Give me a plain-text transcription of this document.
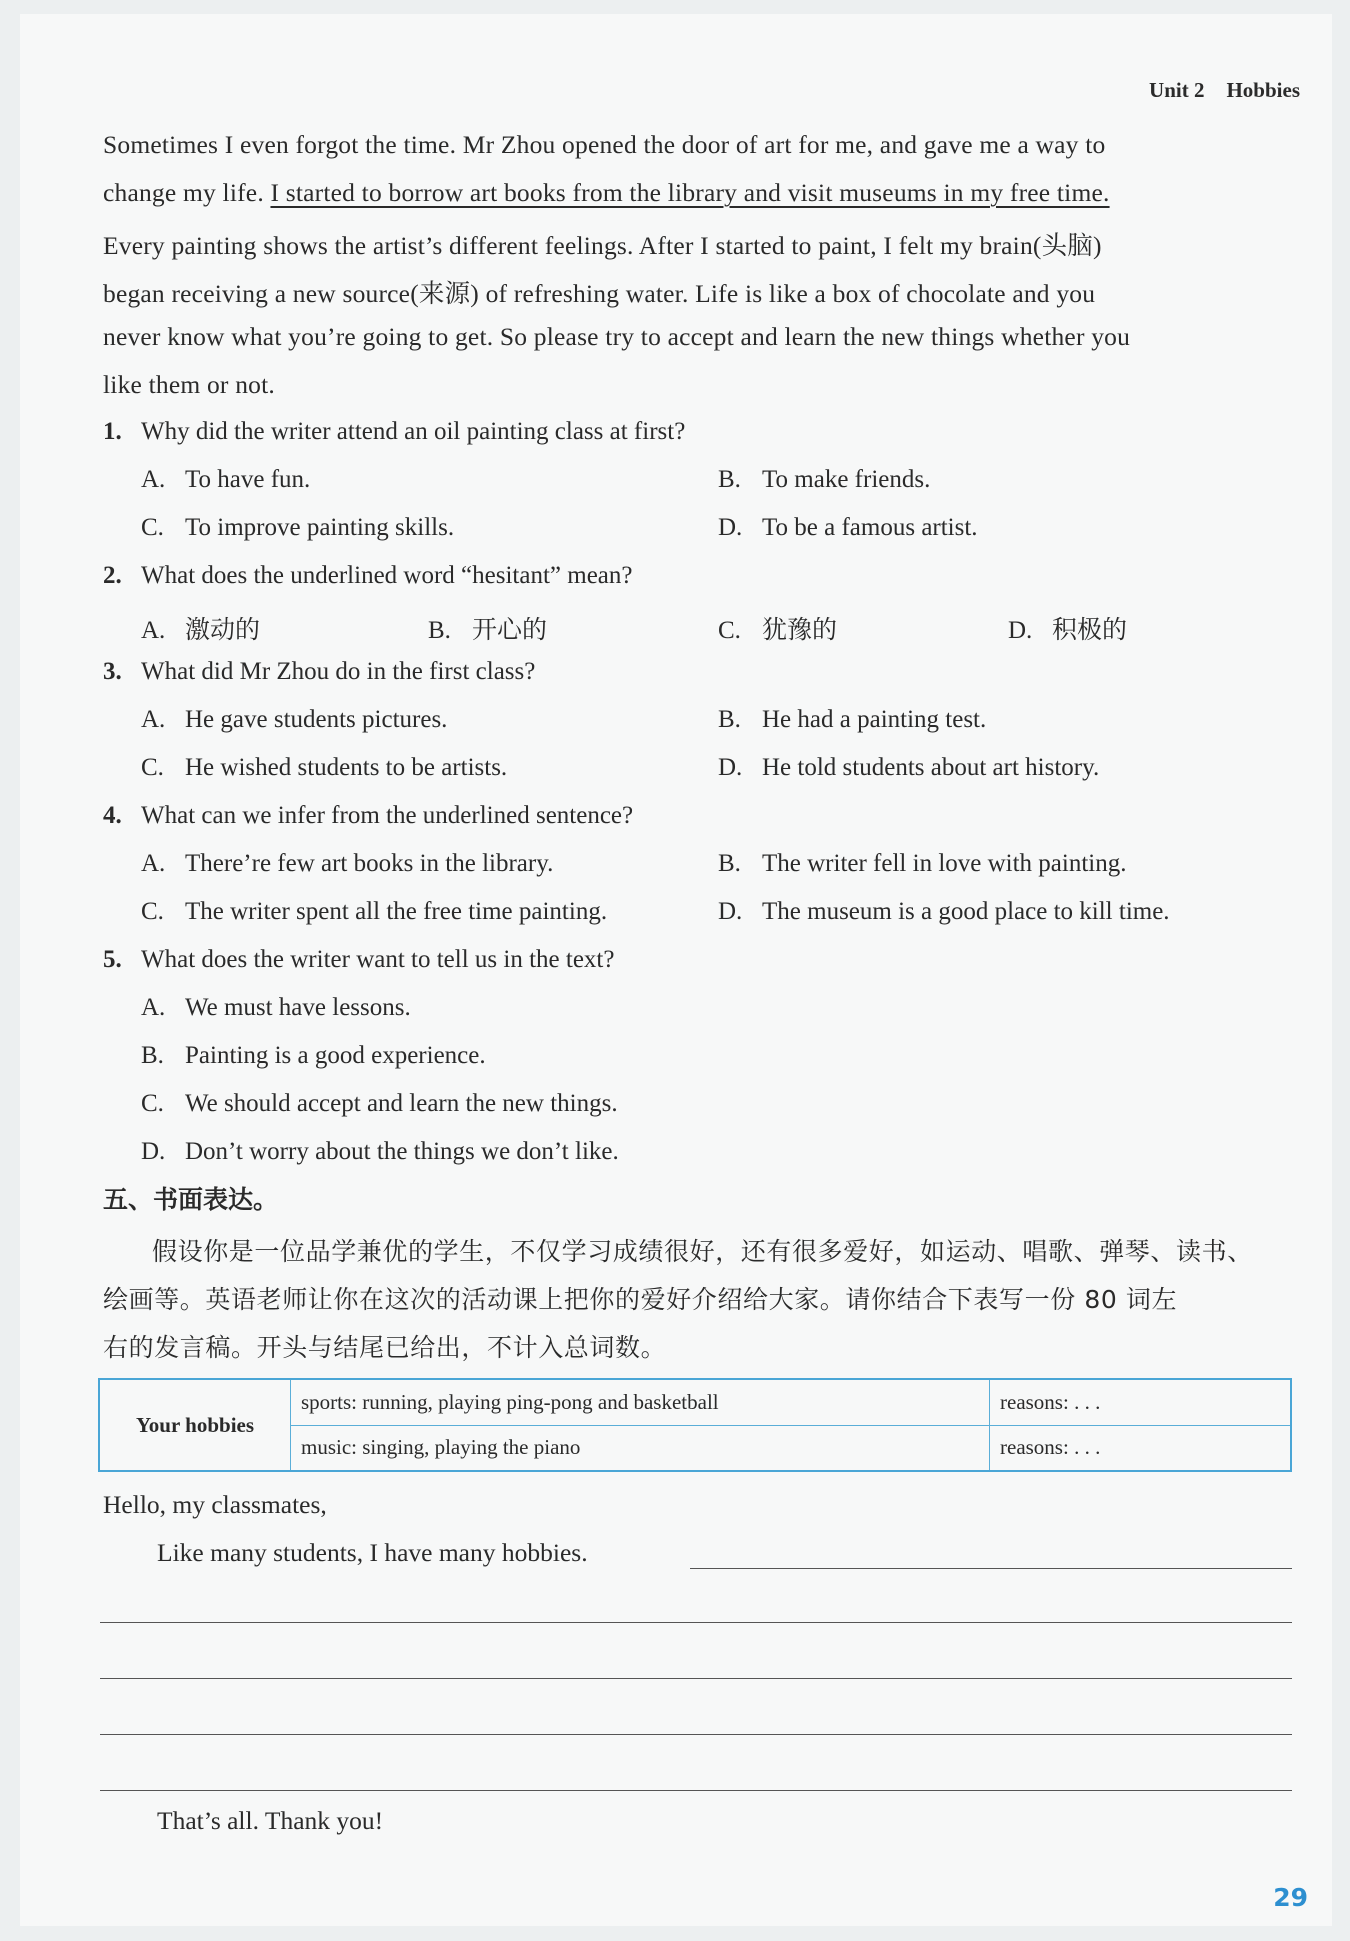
Unit 2 Hobbies
Sometimes I even forgot the time. Mr Zhou opened the door of art for me, and gave me a way to
change my life. I started to borrow art books from the library and visit museums in my free time.
Every painting shows the artist’s different feelings. After I started to paint, I felt my brain(头脑)
began receiving a new source(来源) of refreshing water. Life is like a box of chocolate and you
never know what you’re going to get. So please try to accept and learn the new things whether you
like them or not.
1. Why did the writer attend an oil painting class at first?
A. To have fun.	B. To make friends.
C. To improve painting skills.	D. To be a famous artist.
2. What does the underlined word “hesitant” mean?
A. 激动的	B. 开心的	C. 犹豫的	D. 积极的
3. What did Mr Zhou do in the first class?
A. He gave students pictures.	B. He had a painting test.
C. He wished students to be artists.	D. He told students about art history.
4. What can we infer from the underlined sentence?
A. There’re few art books in the library.	B. The writer fell in love with painting.
C. The writer spent all the free time painting.	D. The museum is a good place to kill time.
5. What does the writer want to tell us in the text?
A. We must have lessons.
B. Painting is a good experience.
C. We should accept and learn the new things.
D. Don’t worry about the things we don’t like.
五、书面表达。
假设你是一位品学兼优的学生，不仅学习成绩很好，还有很多爱好，如运动、唱歌、弹琴、读书、
绘画等。英语老师让你在这次的活动课上把你的爱好介绍给大家。请你结合下表写一份 80 词左
右的发言稿。开头与结尾已给出，不计入总词数。
Your hobbies	sports: running, playing ping-pong and basketball	reasons: . . .
	music: singing, playing the piano	reasons: . . .
Hello, my classmates,
Like many students, I have many hobbies.
That’s all. Thank you!
29
